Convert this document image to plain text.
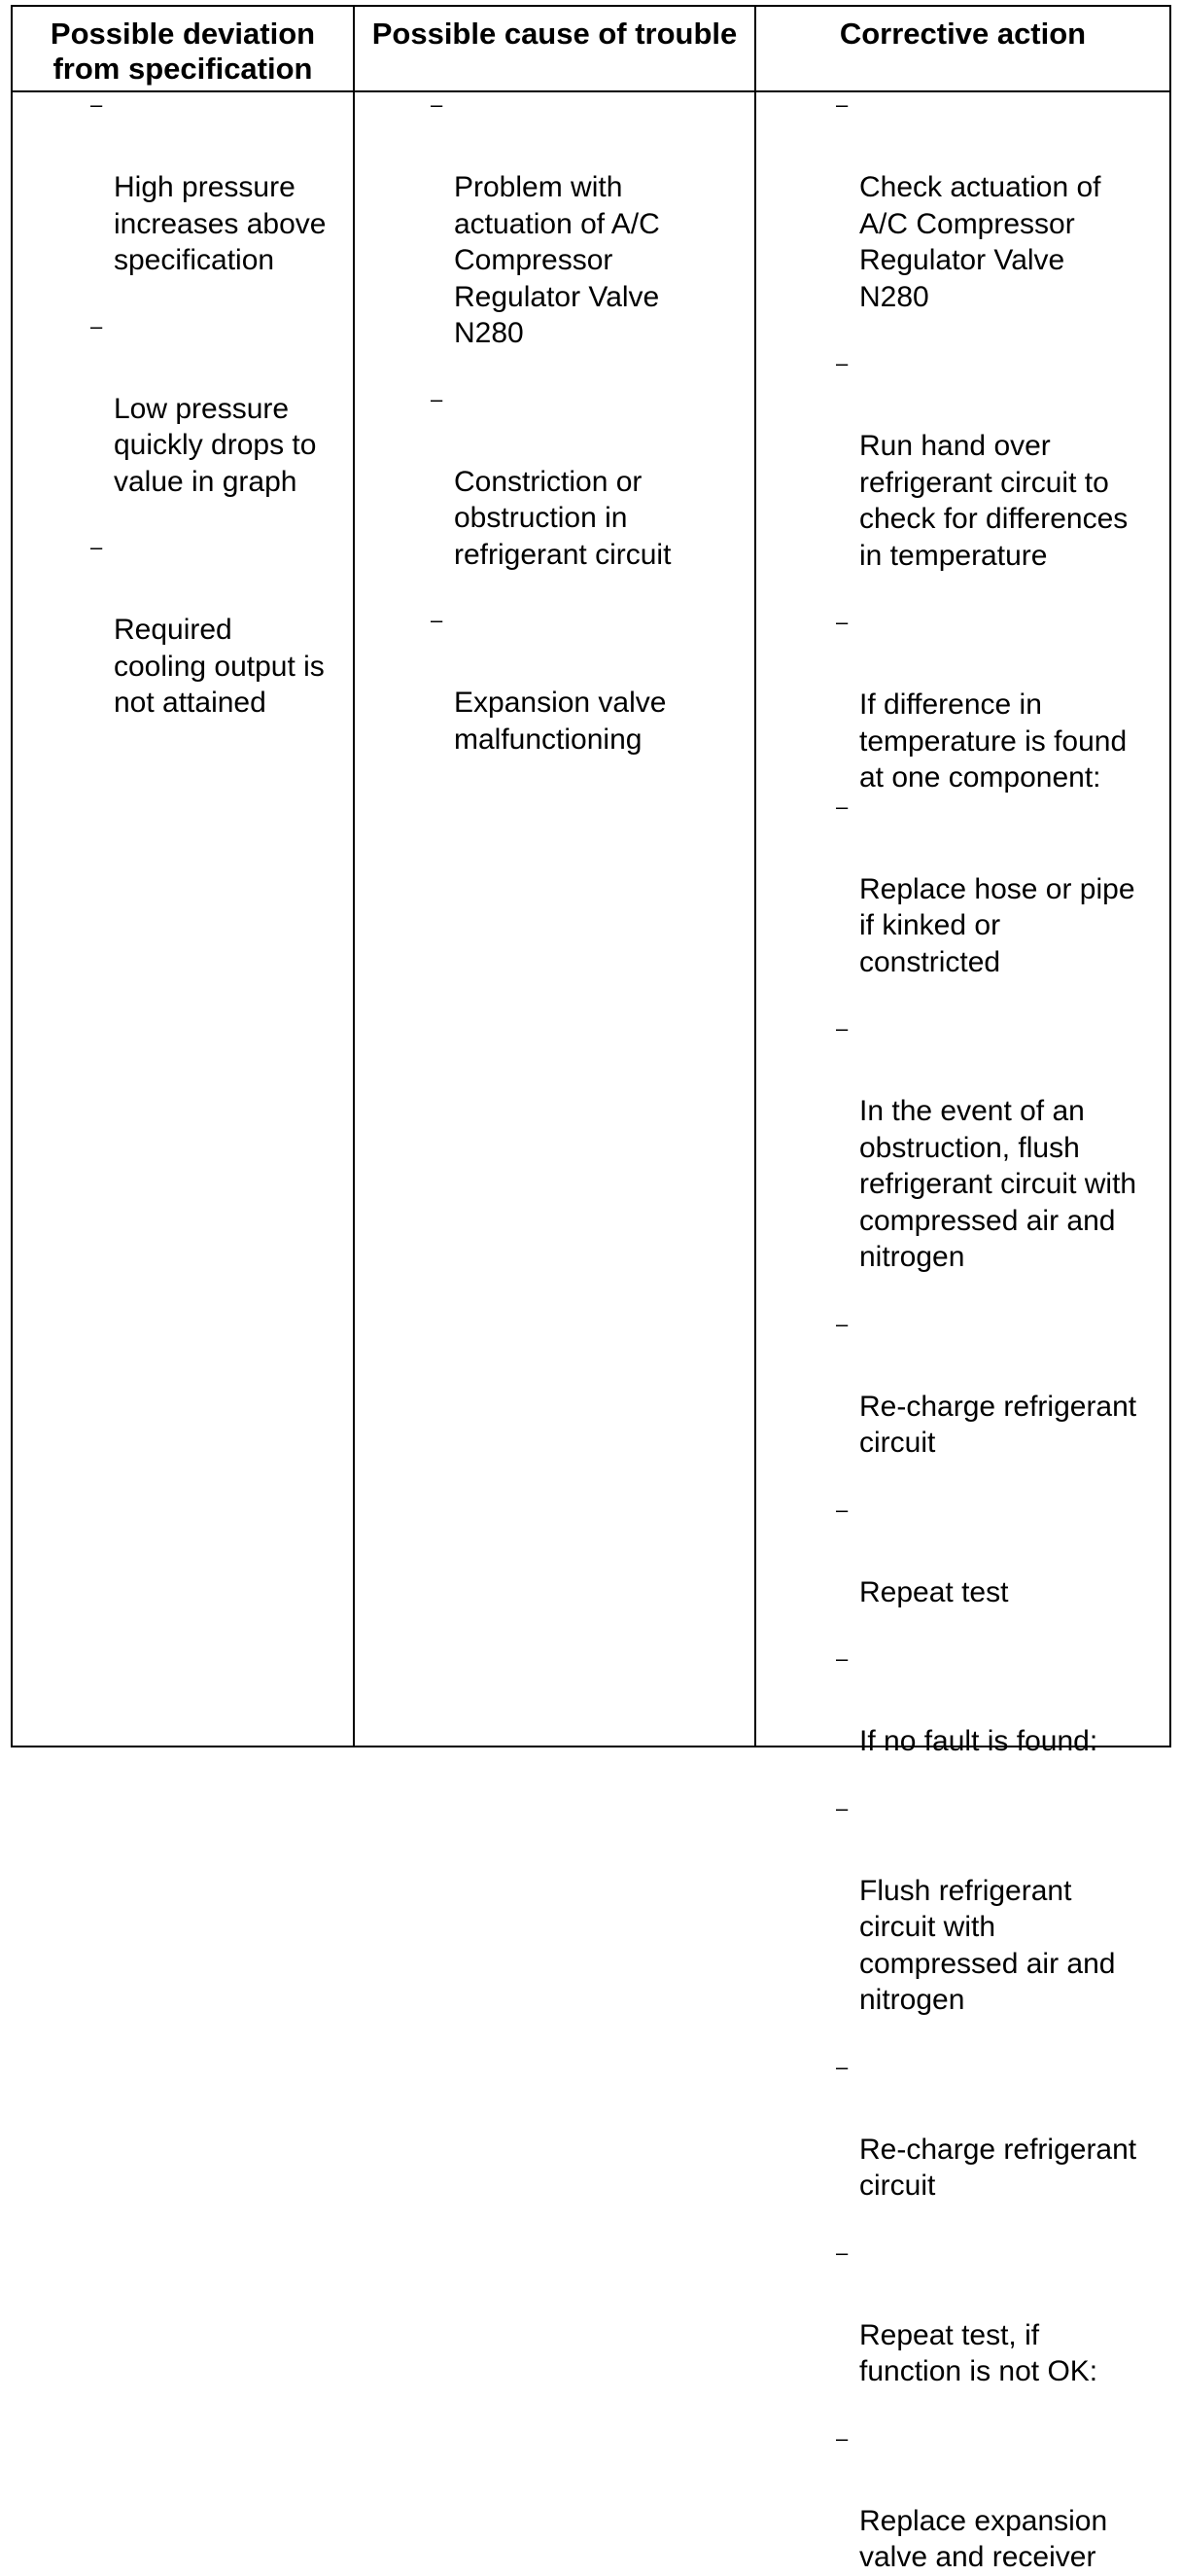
Possible deviation
from specification
Possible cause of trouble	Corrective action

–

High pressure
increases above
specification

–

Low pressure
quickly drops to
value in graph

–

Required
cooling output is
not attained

–

Problem with
actuation of A/C
Compressor
Regulator Valve
N280

–

Constriction or
obstruction in
refrigerant circuit

–

Expansion valve
malfunctioning

–

Check actuation of
A/C Compressor
Regulator Valve
N280

–

Run hand over
refrigerant circuit to
check for differences
in temperature

–

If difference in
temperature is found
at one component:

–

Replace hose or pipe
if kinked or
constricted

–

In the event of an
obstruction, flush
refrigerant circuit with
compressed air and
nitrogen

–

Re-charge refrigerant
circuit

–

Repeat test

–

If no fault is found:

–

Flush refrigerant
circuit with
compressed air and
nitrogen

–

Re-charge refrigerant
circuit

–

Repeat test, if
function is not OK:

–

Replace expansion
valve and receiver
